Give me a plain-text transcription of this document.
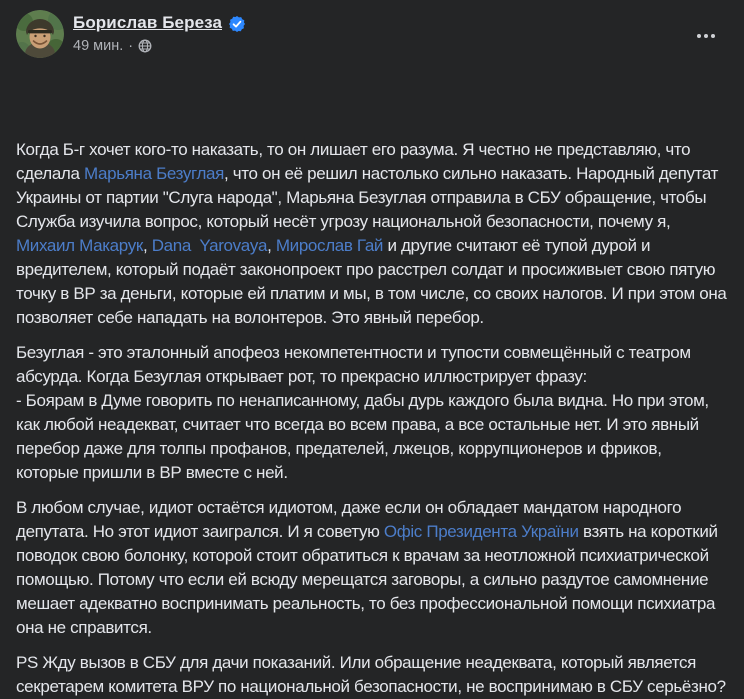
Борислав Береза
49 мин. ·

Когда Б-г хочет кого-то наказать, то он лишает его разума. Я честно не представляю, что сделала Марьяна Безуглая, что он её решил настолько сильно наказать. Народный депутат Украины от партии "Слуга народа", Марьяна Безуглая отправила в СБУ обращение, чтобы Служба изучила вопрос, который несёт угрозу национальной безопасности, почему я, Михаил Макарук, Dana  Yarovaya, Мирослав Гай и другие считают её тупой дурой и вредителем, который подаёт законопроект про расстрел солдат и просиживыет свою пятую точку в ВР за деньги, которые ей платим и мы, в том числе, со своих налогов. И при этом она позволяет себе нападать на волонтеров. Это явный перебор.
Безуглая - это эталонный апофеоз некомпетентности и тупости совмещённый с театром абсурда. Когда Безуглая открывает рот, то прекрасно иллюстрирует фразу:
- Боярам в Думе говорить по ненаписанному, дабы дурь каждого была видна. Но при этом, как любой неадекват, считает что всегда во всем права, а все остальные нет. И это явный перебор даже для толпы профанов, предателей, лжецов, коррупционеров и фриков, которые пришли в ВР вместе с ней.
В любом случае, идиот остаётся идиотом, даже если он обладает мандатом народного депутата. Но этот идиот заигрался. И я советую Офіс Президента України взять на короткий поводок свою болонку, которой стоит обратиться к врачам за неотложной психиатрической помощью. Потому что если ей всюду мерещатся заговоры, а сильно раздутое самомнение мешает адекватно воспринимать реальность, то без профессиональной помощи психиатра она не справится.
PS Жду вызов в СБУ для дачи показаний. Или обращение неадеквата, который является секретарем комитета ВРУ по национальной безопасности, не воспринимаю в СБУ серьёзно?
